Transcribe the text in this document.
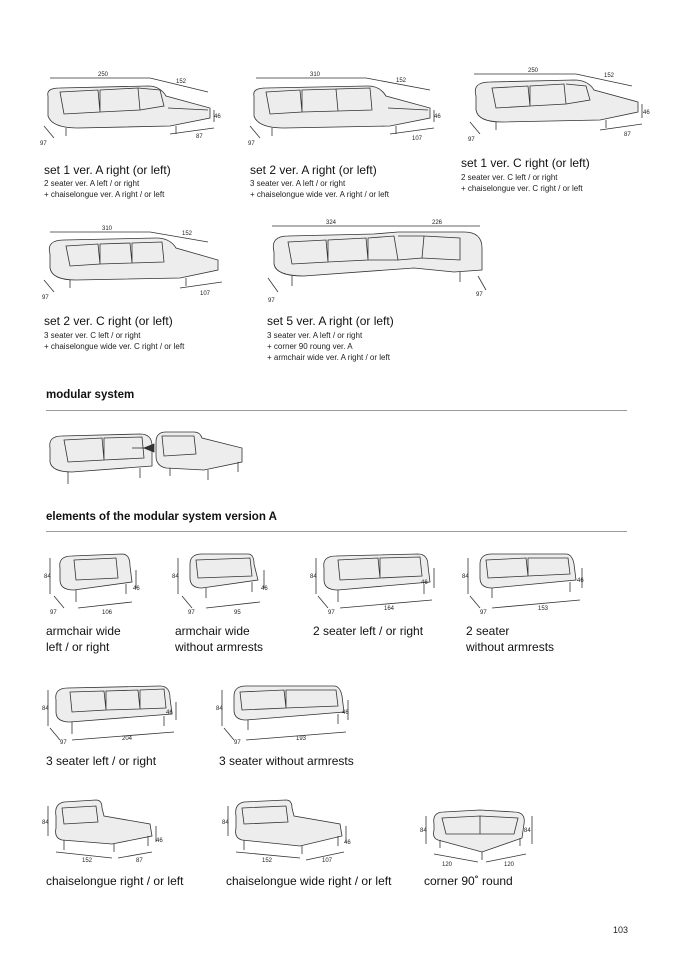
250
152
46
97
87
set 1 ver. A right (or left)
2 seater ver. A left / or right
+ chaiselongue ver. A right / or left
310
152
46
97
107
set 2 ver. A right (or left)
3 seater ver. A left / or right
+ chaiselongue wide ver. A right / or left
250
152
46
97
87
set 1 ver. C right (or left)
2 seater ver. C left / or right
+ chaiselongue ver. C right / or left
310
152
97
107
set 2 ver. C right (or left)
3 seater ver. C left / or right
+ chaiselongue wide ver. C right / or left
324	226
97
97
set 5 ver. A right (or left)
3 seater ver. A left / or right
+ corner 90 roung ver. A
+ armchair wide ver. A right / or left
modular system
elements of the modular system version A
84
46
97	106
armchair wide
left / or right
84
46
97	95
armchair wide
without armrests
84
46
97
164
2 seater left / or right
84
46
97
153
2 seater
without armrests
84
46
97
204
3 seater left / or right
84
46
97
193
3 seater without armrests
84
46
152	87
chaiselongue right / or left
84
46
152	107
chaiselongue wide right / or left
84	84
120	120
corner 90˚ round
103
